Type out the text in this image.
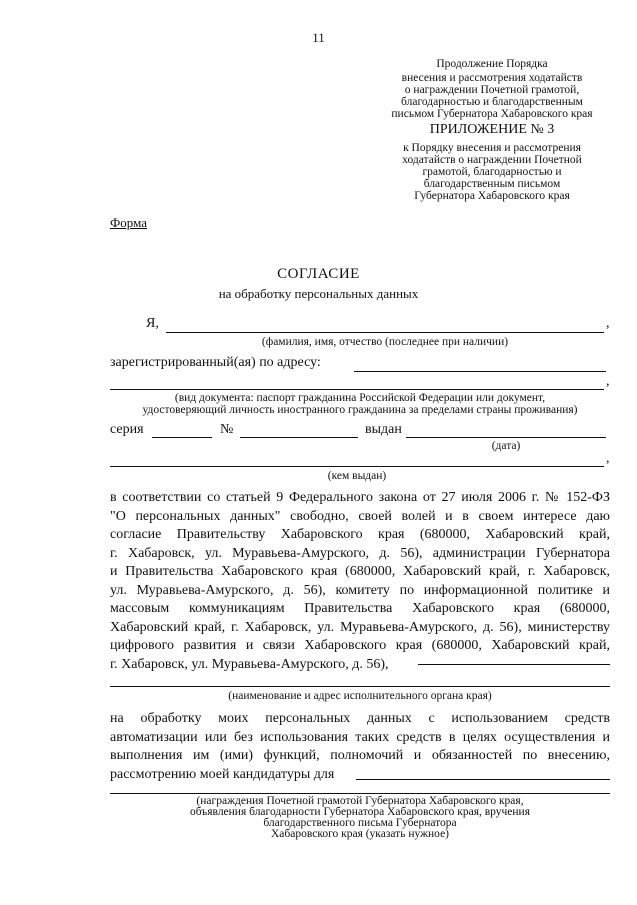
11
Продолжение Порядка
внесения и рассмотрения ходатайств
о награждении Почетной грамотой,
благодарностью и благодарственным
письмом Губернатора Хабаровского края
ПРИЛОЖЕНИЕ № 3
к Порядку внесения и рассмотрения
ходатайств о награждении Почетной
грамотой, благодарностью и
благодарственным письмом
Губернатора Хабаровского края
Форма
СОГЛАСИЕ
на обработку персональных данных
Я,	,
(фамилия, имя, отчество (последнее при наличии)
зарегистрированный(ая) по адресу:
,
(вид документа: паспорт гражданина Российской Федерации или документ,
удостоверяющий личность иностранного гражданина за пределами страны проживания)
серия	№	выдан
(дата)
,
(кем выдан)
в соответствии со статьей 9 Федерального закона от 27 июля 2006 г. № 152-ФЗ
"О персональных данных" свободно, своей волей и в своем интересе даю
согласие Правительству Хабаровского края (680000, Хабаровский край,
г. Хабаровск, ул. Муравьева-Амурского, д. 56), администрации Губернатора
и Правительства Хабаровского края (680000, Хабаровский край, г. Хабаровск,
ул. Муравьева-Амурского, д. 56), комитету по информационной политике и
массовым коммуникациям Правительства Хабаровского края (680000,
Хабаровский край, г. Хабаровск, ул. Муравьева-Амурского, д. 56), министерству
цифрового развития и связи Хабаровского края (680000, Хабаровский край,
г. Хабаровск, ул. Муравьева-Амурского, д. 56),
(наименование и адрес исполнительного органа края)
на обработку моих персональных данных с использованием средств
автоматизации или без использования таких средств в целях осуществления и
выполнения им (ими) функций, полномочий и обязанностей по внесению,
рассмотрению моей кандидатуры для
(награждения Почетной грамотой Губернатора Хабаровского края,
объявления благодарности Губернатора Хабаровского края, вручения
благодарственного письма Губернатора
Хабаровского края (указать нужное)
